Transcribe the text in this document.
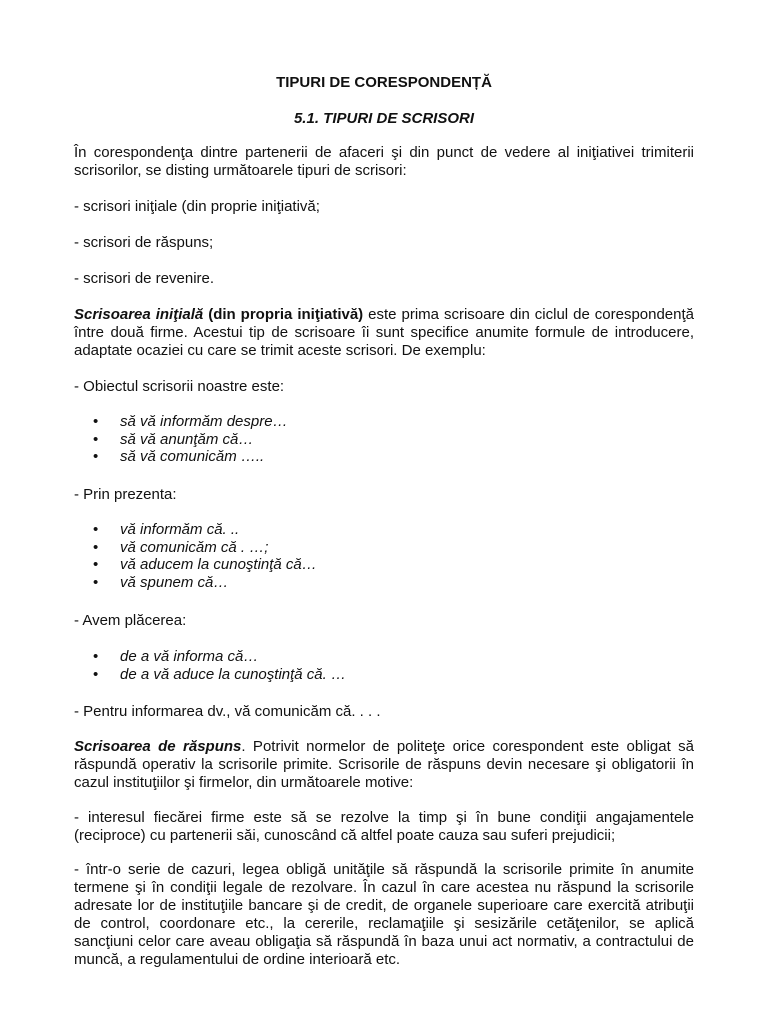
TIPURI DE CORESPONDENȚĂ
5.1. TIPURI DE SCRISORI

În corespondenţa dintre partenerii de afaceri şi din punct de vedere al iniţiativei trimiterii scrisorilor, se disting următoarele tipuri de scrisori:

- scrisori iniţiale (din proprie iniţiativă;

- scrisori de răspuns;

- scrisori de revenire.

Scrisoarea iniţială (din propria iniţiativă) este prima scrisoare din ciclul de corespondenţă între două firme. Acestui tip de scrisoare îi sunt specifice anumite formule de introducere, adaptate ocaziei cu care se trimit aceste scrisori. De exemplu:

- Obiectul scrisorii noastre este:

• să vă informăm despre…
• să vă anunţăm că…
• să vă comunicăm …..

- Prin prezenta:

• vă informăm că. ..
• vă comunicăm că . …;
• vă aducem la cunoştinţă că…
• vă spunem că…

- Avem plăcerea:

• de a vă informa că…
• de a vă aduce la cunoştinţă că. …

- Pentru informarea dv., vă comunicăm că. . . .

Scrisoarea de răspuns. Potrivit normelor de politeţe orice corespondent este obligat să răspundă operativ la scrisorile primite. Scrisorile de răspuns devin necesare şi obligatorii în cazul instituţiilor şi firmelor, din următoarele motive:

- interesul fiecărei firme este să se rezolve la timp şi în bune condiţii angajamentele (reciproce) cu partenerii săi, cunoscând că altfel poate cauza sau suferi prejudicii;

- într-o serie de cazuri, legea obligă unităţile să răspundă la scrisorile primite în anumite termene şi în condiţii legale de rezolvare. În cazul în care acestea nu răspund la scrisorile adresate lor de instituţiile bancare şi de credit, de organele superioare care exercită atribuţii de control, coordonare etc., la cererile, reclamaţiile şi sesizările cetăţenilor, se aplică sancţiuni celor care aveau obligaţia să răspundă în baza unui act normativ, a contractului de muncă, a regulamentului de ordine interioară etc.
